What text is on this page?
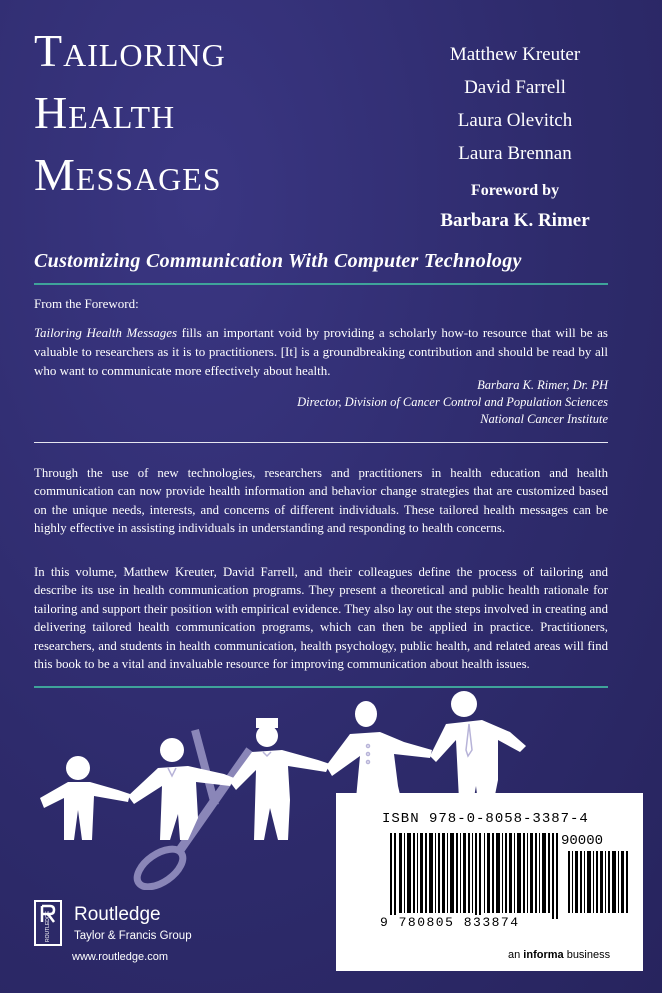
Tailoring
Health
Messages
Matthew Kreuter
David Farrell
Laura Olevitch
Laura Brennan
Foreword by
Barbara K. Rimer
Customizing Communication With Computer Technology
From the Foreword:
Tailoring Health Messages fills an important void by providing a scholarly how-to resource that will be as valuable to researchers as it is to practitioners. [It] is a groundbreaking contribution and should be read by all who want to communicate more effectively about health.
Barbara K. Rimer, Dr. PH
Director, Division of Cancer Control and Population Sciences
National Cancer Institute
Through the use of new technologies, researchers and practitioners in health education and health communication can now provide health information and behavior change strategies that are customized based on the unique needs, interests, and concerns of different individuals. These tailored health messages can be highly effective in assisting individuals in understanding and responding to health concerns.
In this volume, Matthew Kreuter, David Farrell, and their colleagues define the process of tailoring and describe its use in health communication programs. They present a theoretical and public health rationale for tailoring and support their position with empirical evidence. They also lay out the steps involved in creating and delivering tailored health communication programs, which can then be applied in practice. Practitioners, researchers, and students in health communication, health psychology, public health, and related areas will find this book to be a vital and invaluable resource for improving communication about health issues.
ISBN 978-0-8058-3387-4
90000
9 780805 833874
an informa business
ROUTLEDGE Routledge
Taylor & Francis Group
www.routledge.com
